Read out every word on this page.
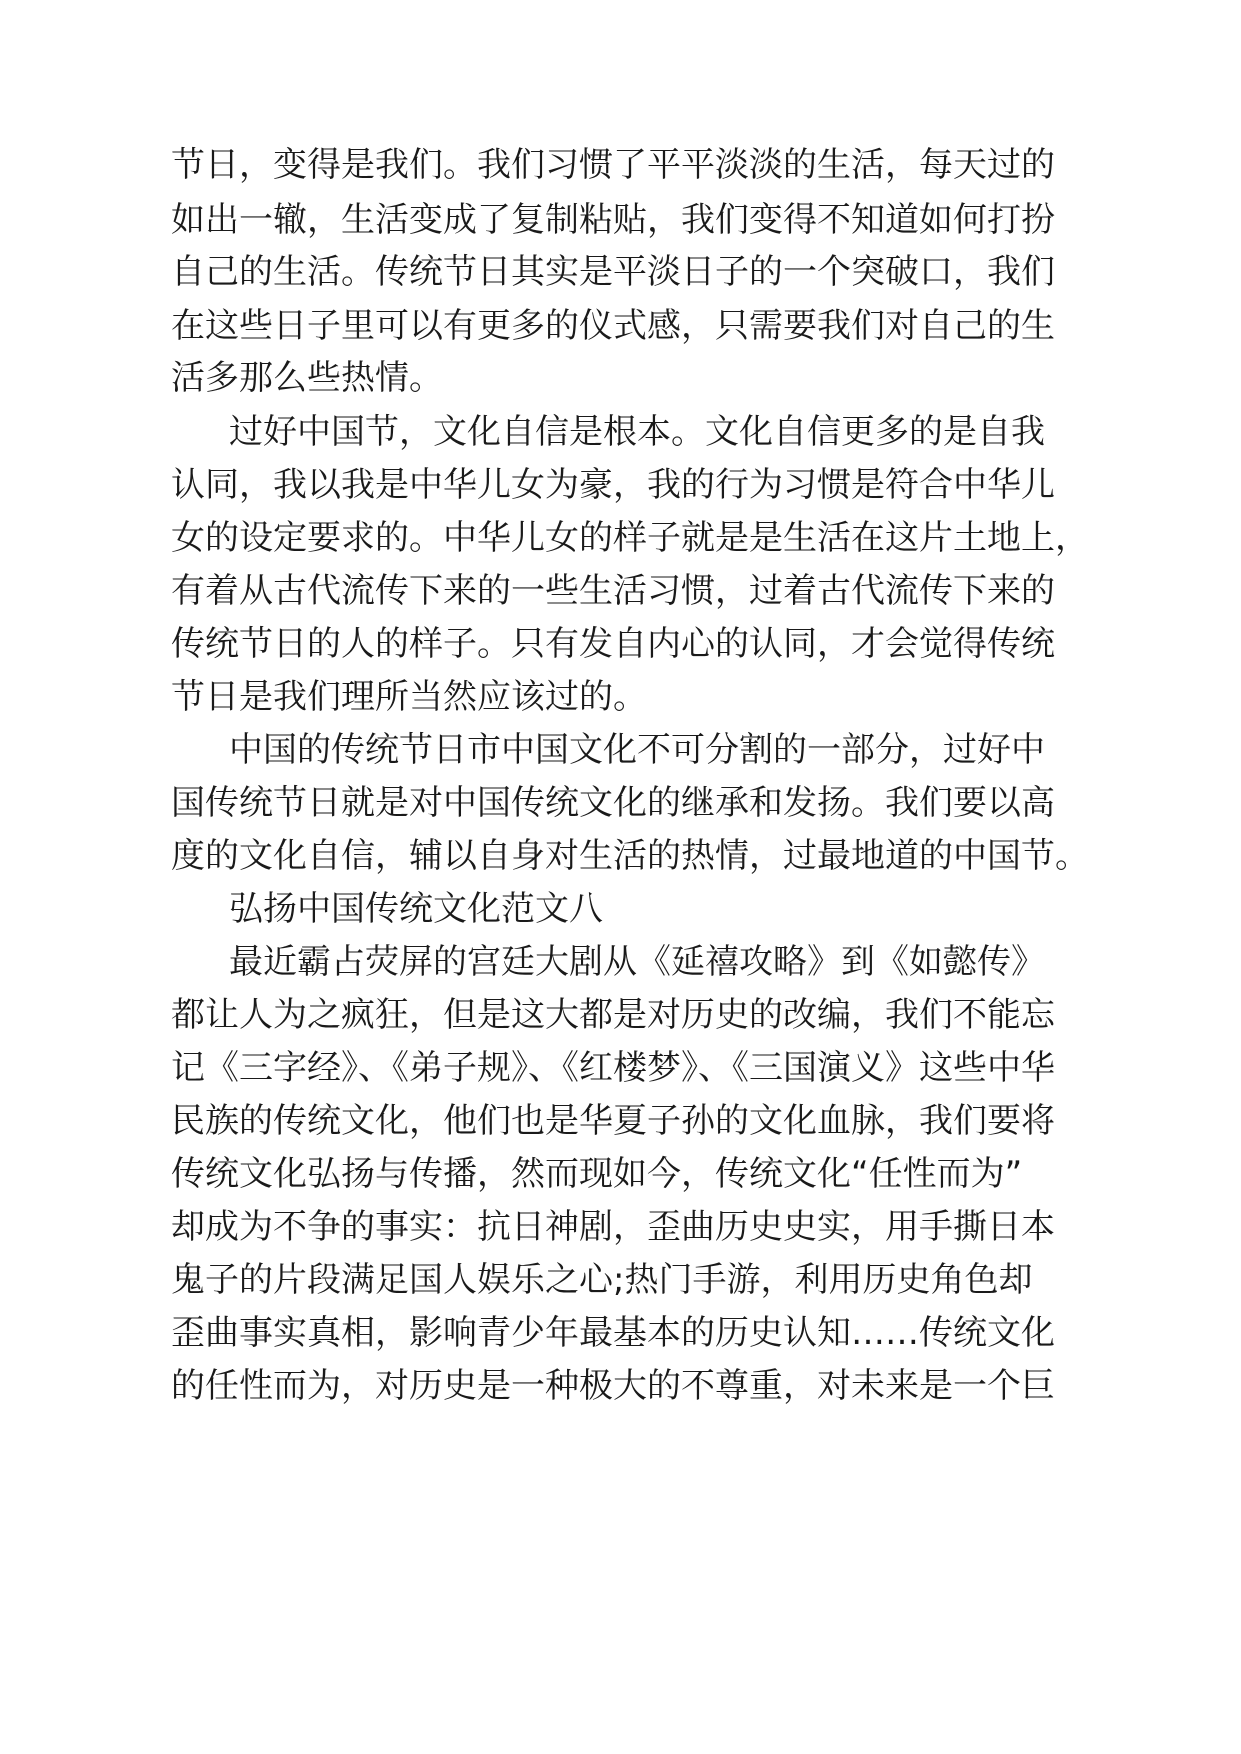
节日，变得是我们。我们习惯了平平淡淡的生活，每天过的
如出一辙，生活变成了复制粘贴，我们变得不知道如何打扮
自己的生活。传统节日其实是平淡日子的一个突破口，我们
在这些日子里可以有更多的仪式感，只需要我们对自己的生
活多那么些热情。
过好中国节，文化自信是根本。文化自信更多的是自我
认同，我以我是中华儿女为豪，我的行为习惯是符合中华儿
女的设定要求的。中华儿女的样子就是是生活在这片土地上，
有着从古代流传下来的一些生活习惯，过着古代流传下来的
传统节日的人的样子。只有发自内心的认同，才会觉得传统
节日是我们理所当然应该过的。
中国的传统节日市中国文化不可分割的一部分，过好中
国传统节日就是对中国传统文化的继承和发扬。我们要以高
度的文化自信，辅以自身对生活的热情，过最地道的中国节。
弘扬中国传统文化范文八
最近霸占荧屏的宫廷大剧从《延禧攻略》到《如懿传》
都让人为之疯狂，但是这大都是对历史的改编，我们不能忘
记《三字经》、《弟子规》、《红楼梦》、《三国演义》这些中华
民族的传统文化，他们也是华夏子孙的文化血脉，我们要将
传统文化弘扬与传播，然而现如今，传统文化“任性而为”
却成为不争的事实：抗日神剧，歪曲历史史实，用手撕日本
鬼子的片段满足国人娱乐之心;热门手游，利用历史角色却
歪曲事实真相，影响青少年最基本的历史认知……传统文化
的任性而为，对历史是一种极大的不尊重，对未来是一个巨
